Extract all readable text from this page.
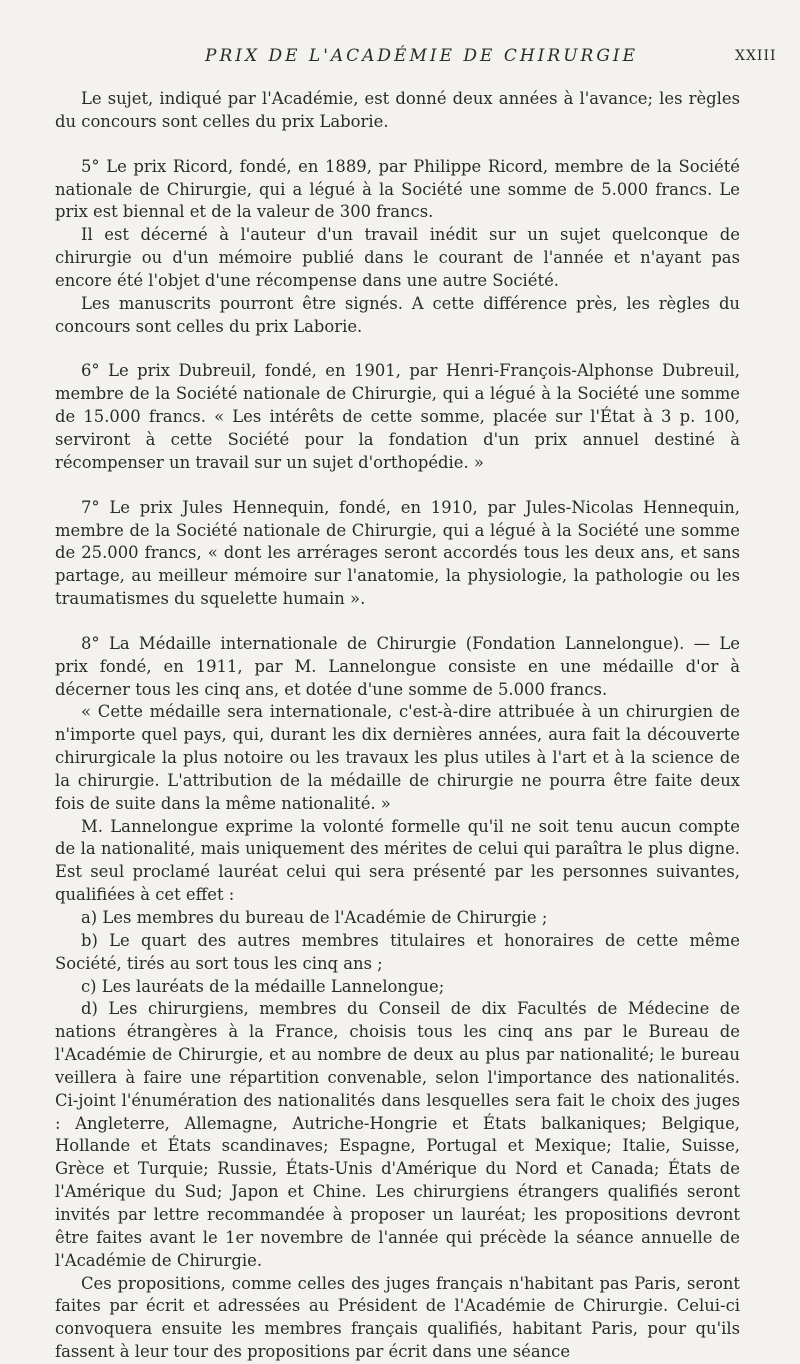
PRIX DE L'ACADÉMIE DE CHIRURGIE	XXIII

Le sujet, indiqué par l'Académie, est donné deux années à l'avance; les règles du concours sont celles du prix Laborie.

5° Le prix Ricord, fondé, en 1889, par Philippe Ricord, membre de la Société nationale de Chirurgie, qui a légué à la Société une somme de 5.000 francs. Le prix est biennal et de la valeur de 300 francs.

Il est décerné à l'auteur d'un travail inédit sur un sujet quelconque de chirurgie ou d'un mémoire publié dans le courant de l'année et n'ayant pas encore été l'objet d'une récompense dans une autre Société.

Les manuscrits pourront être signés. A cette différence près, les règles du concours sont celles du prix Laborie.

6° Le prix Dubreuil, fondé, en 1901, par Henri-François-Alphonse Dubreuil, membre de la Société nationale de Chirurgie, qui a légué à la Société une somme de 15.000 francs. « Les intérêts de cette somme, placée sur l'État à 3 p. 100, serviront à cette Société pour la fondation d'un prix annuel destiné à récompenser un travail sur un sujet d'orthopédie. »

7° Le prix Jules Hennequin, fondé, en 1910, par Jules-Nicolas Hennequin, membre de la Société nationale de Chirurgie, qui a légué à la Société une somme de 25.000 francs, « dont les arrérages seront accordés tous les deux ans, et sans partage, au meilleur mémoire sur l'anatomie, la physiologie, la pathologie ou les traumatismes du squelette humain ».

8° La Médaille internationale de Chirurgie (Fondation Lannelongue). — Le prix fondé, en 1911, par M. Lannelongue consiste en une médaille d'or à décerner tous les cinq ans, et dotée d'une somme de 5.000 francs.

« Cette médaille sera internationale, c'est-à-dire attribuée à un chirurgien de n'importe quel pays, qui, durant les dix dernières années, aura fait la découverte chirurgicale la plus notoire ou les travaux les plus utiles à l'art et à la science de la chirurgie. L'attribution de la médaille de chirurgie ne pourra être faite deux fois de suite dans la même nationalité. »

M. Lannelongue exprime la volonté formelle qu'il ne soit tenu aucun compte de la nationalité, mais uniquement des mérites de celui qui paraîtra le plus digne. Est seul proclamé lauréat celui qui sera présenté par les personnes suivantes, qualifiées à cet effet :

a) Les membres du bureau de l'Académie de Chirurgie ;

b) Le quart des autres membres titulaires et honoraires de cette même Société, tirés au sort tous les cinq ans ;

c) Les lauréats de la médaille Lannelongue;

d) Les chirurgiens, membres du Conseil de dix Facultés de Médecine de nations étrangères à la France, choisis tous les cinq ans par le Bureau de l'Académie de Chirurgie, et au nombre de deux au plus par nationalité; le bureau veillera à faire une répartition convenable, selon l'importance des nationalités. Ci-joint l'énumération des nationalités dans lesquelles sera fait le choix des juges : Angleterre, Allemagne, Autriche-Hongrie et États balkaniques; Belgique, Hollande et États scandinaves; Espagne, Portugal et Mexique; Italie, Suisse, Grèce et Turquie; Russie, États-Unis d'Amérique du Nord et Canada; États de l'Amérique du Sud; Japon et Chine. Les chirurgiens étrangers qualifiés seront invités par lettre recommandée à proposer un lauréat; les propositions devront être faites avant le 1er novembre de l'année qui précède la séance annuelle de l'Académie de Chirurgie.

Ces propositions, comme celles des juges français n'habitant pas Paris, seront faites par écrit et adressées au Président de l'Académie de Chirurgie. Celui-ci convoquera ensuite les membres français qualifiés, habitant Paris, pour qu'ils fassent à leur tour des propositions par écrit dans une séance
